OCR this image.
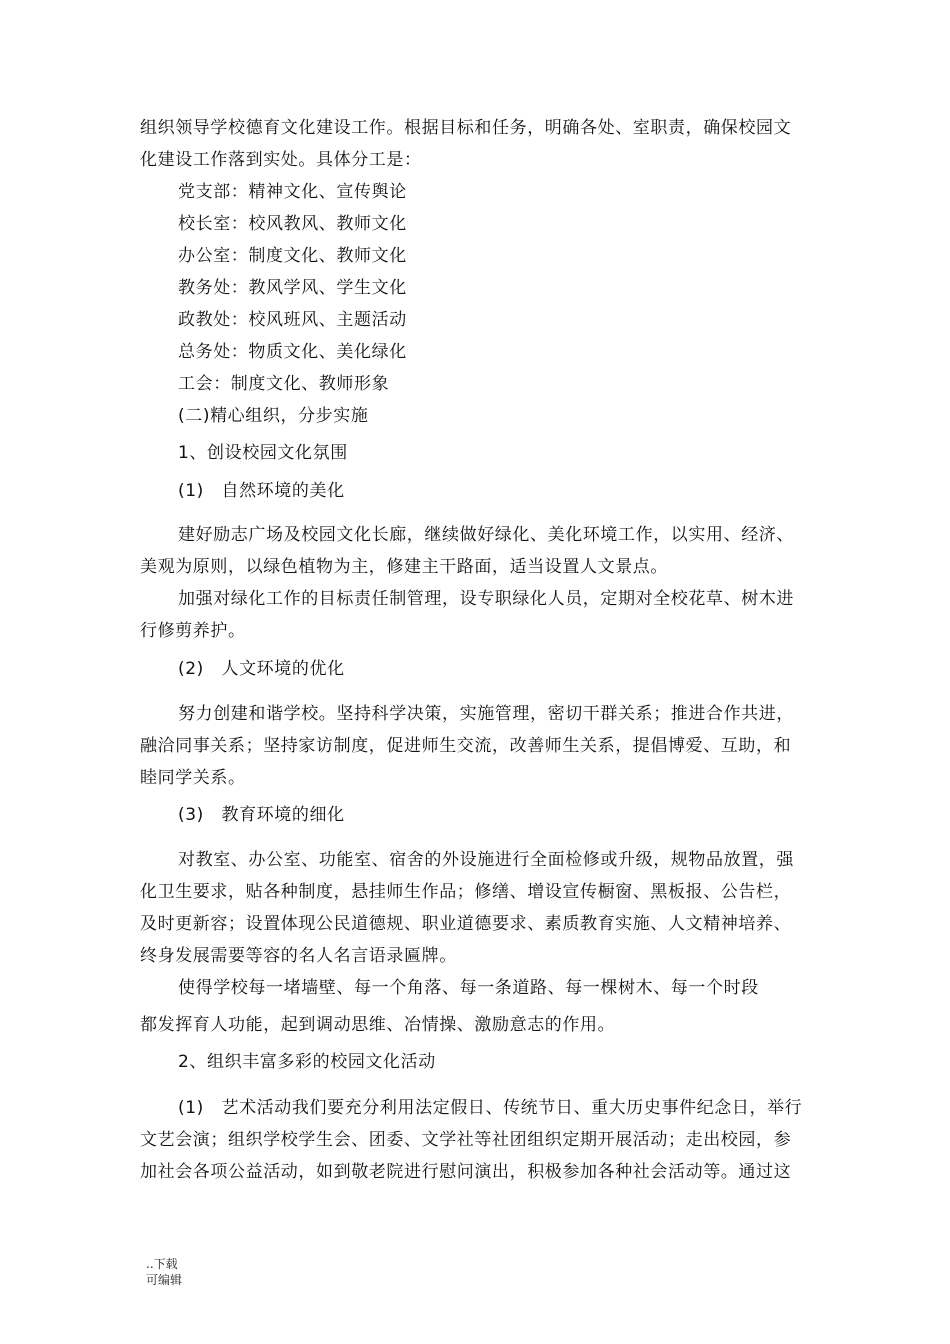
组织领导学校德育文化建设工作。根据目标和任务，明确各处、室职责，确保校园文
化建设工作落到实处。具体分工是：
党支部：精神文化、宣传舆论
校长室：校风教风、教师文化
办公室：制度文化、教师文化
教务处：教风学风、学生文化
政教处：校风班风、主题活动
总务处：物质文化、美化绿化
工会：制度文化、教师形象
(二)精心组织，分步实施
1、创设校园文化氛围
(1)　自然环境的美化
建好励志广场及校园文化长廊，继续做好绿化、美化环境工作，以实用、经济、
美观为原则，以绿色植物为主，修建主干路面，适当设置人文景点。
加强对绿化工作的目标责任制管理，设专职绿化人员，定期对全校花草、树木进
行修剪养护。
(2)　人文环境的优化
努力创建和谐学校。坚持科学决策，实施管理，密切干群关系；推进合作共进，
融洽同事关系；坚持家访制度，促进师生交流，改善师生关系，提倡博爱、互助，和
睦同学关系。
(3)　教育环境的细化
对教室、办公室、功能室、宿舍的外设施进行全面检修或升级，规物品放置，强
化卫生要求，贴各种制度，悬挂师生作品；修缮、增设宣传橱窗、黑板报、公告栏，
及时更新容；设置体现公民道德规、职业道德要求、素质教育实施、人文精神培养、
终身发展需要等容的名人名言语录匾牌。
使得学校每一堵墙壁、每一个角落、每一条道路、每一棵树木、每一个时段
都发挥育人功能，起到调动思维、冶情操、激励意志的作用。
2、组织丰富多彩的校园文化活动
(1)　艺术活动我们要充分利用法定假日、传统节日、重大历史事件纪念日，举行
文艺会演；组织学校学生会、团委、文学社等社团组织定期开展活动；走出校园，参
加社会各项公益活动，如到敬老院进行慰问演出，积极参加各种社会活动等。通过这
..下载
可编辑
